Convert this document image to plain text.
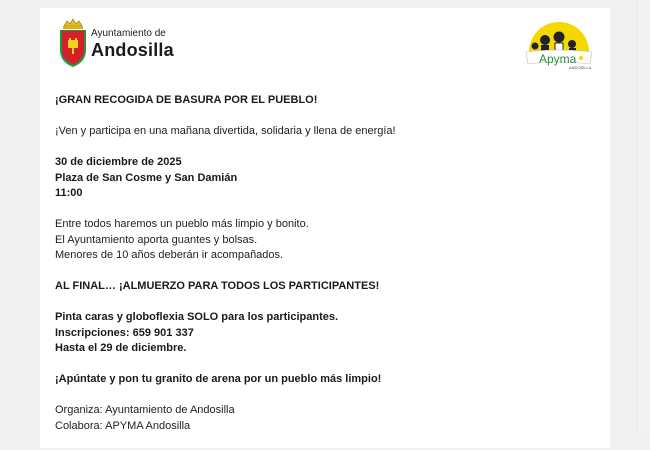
Ayuntamiento de
Andosilla	Apyma
ANDOSILLA

¡GRAN RECOGIDA DE BASURA POR EL PUEBLO!

¡Ven y participa en una mañana divertida, solidaria y llena de energía!

30 de diciembre de 2025
Plaza de San Cosme y San Damián
11:00

Entre todos haremos un pueblo más limpio y bonito.
El Ayuntamiento aporta guantes y bolsas.
Menores de 10 años deberán ir acompañados.

AL FINAL… ¡ALMUERZO PARA TODOS LOS PARTICIPANTES!

Pinta caras y globoflexia SOLO para los participantes.
Inscripciones: 659 901 337
Hasta el 29 de diciembre.

¡Apúntate y pon tu granito de arena por un pueblo más limpio!

Organiza: Ayuntamiento de Andosilla
Colabora: APYMA Andosilla
